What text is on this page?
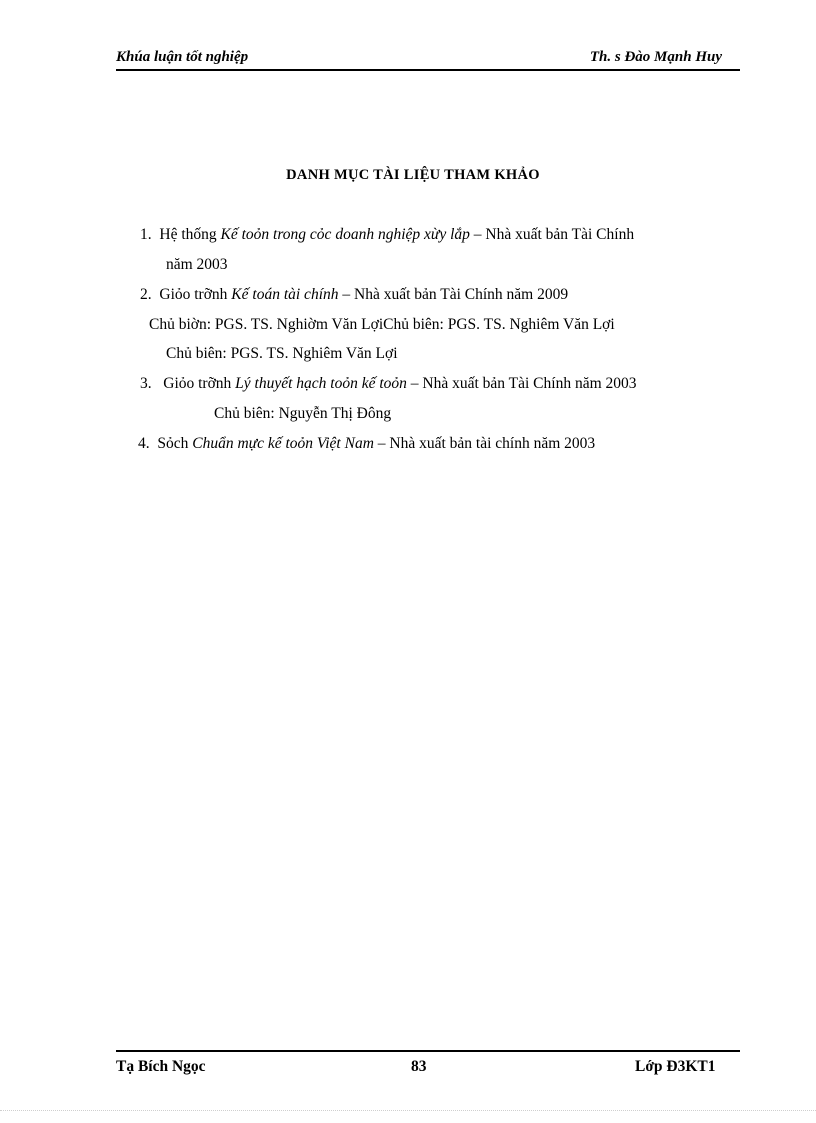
Khúa luận tốt nghiệp	Th. s Đào Mạnh Huy
DANH MỤC TÀI LIỆU THAM KHẢO
1. Hệ thống Kế toỏn trong cỏc doanh nghiệp xừy lắp – Nhà xuất bản Tài Chính
năm 2003
2. Giỏo trỡnh Kế toán tài chính – Nhà xuất bản Tài Chính năm 2009
Chủ biờn: PGS. TS. Nghiờm Văn LợiChủ biên: PGS. TS. Nghiêm Văn Lợi
Chủ biên: PGS. TS. Nghiêm Văn Lợi
3. Giỏo trỡnh Lý thuyết hạch toỏn kế toỏn – Nhà xuất bản Tài Chính năm 2003
Chủ biên: Nguyễn Thị Đông
4. Sỏch Chuẩn mực kế toỏn Việt Nam – Nhà xuất bản tài chính năm 2003
Tạ Bích Ngọc	83	Lớp Đ3KT1
